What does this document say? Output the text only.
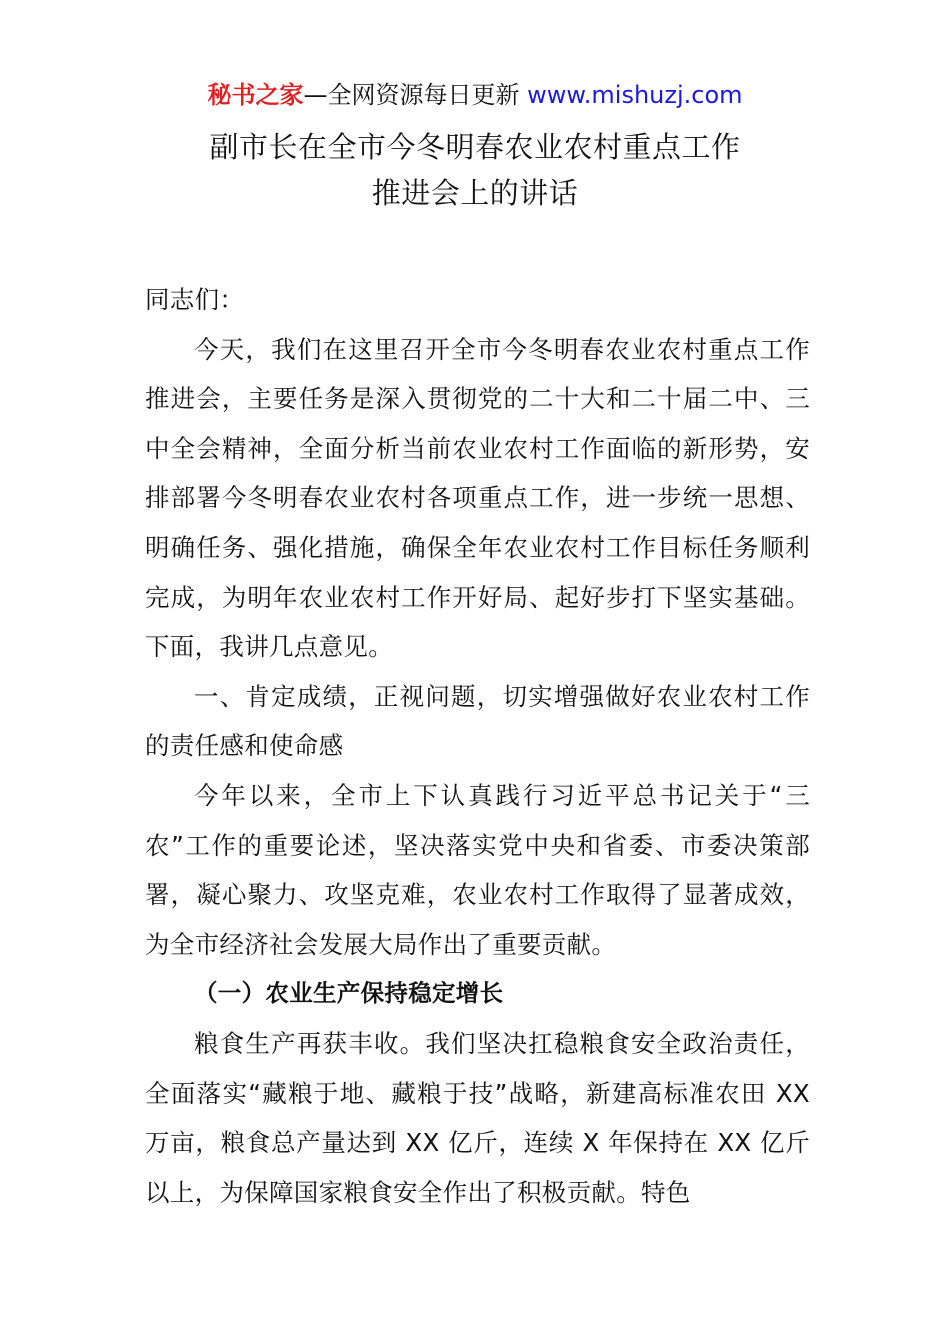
秘书之家—全网资源每日更新 www.mishuzj.com
副市长在全市今冬明春农业农村重点工作
推进会上的讲话

同志们：

今天，我们在这里召开全市今冬明春农业农村重点工作推进会，主要任务是深入贯彻党的二十大和二十届二中、三中全会精神，全面分析当前农业农村工作面临的新形势，安排部署今冬明春农业农村各项重点工作，进一步统一思想、明确任务、强化措施，确保全年农业农村工作目标任务顺利完成，为明年农业农村工作开好局、起好步打下坚实基础。下面，我讲几点意见。

一、肯定成绩，正视问题，切实增强做好农业农村工作的责任感和使命感

今年以来，全市上下认真践行习近平总书记关于“三农”工作的重要论述，坚决落实党中央和省委、市委决策部署，凝心聚力、攻坚克难，农业农村工作取得了显著成效，为全市经济社会发展大局作出了重要贡献。

（一）农业生产保持稳定增长

粮食生产再获丰收。我们坚决扛稳粮食安全政治责任，全面落实“藏粮于地、藏粮于技”战略，新建高标准农田 XX 万亩，粮食总产量达到 XX 亿斤，连续 X 年保持在 XX 亿斤以上，为保障国家粮食安全作出了积极贡献。特色
